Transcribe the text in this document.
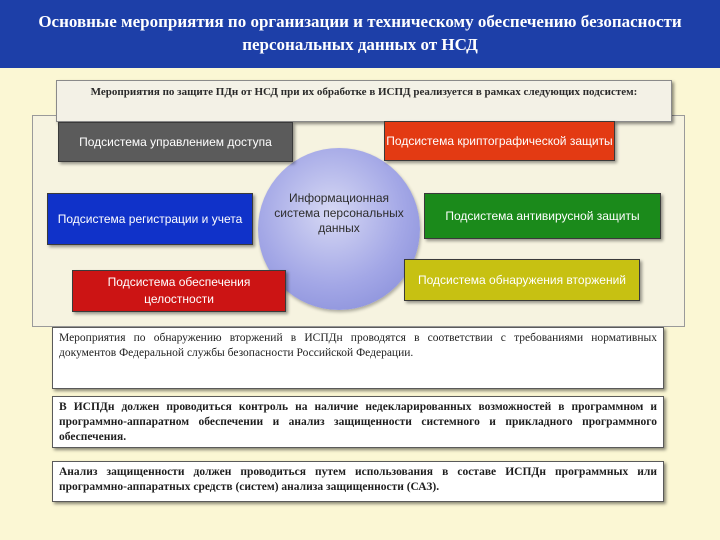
Основные мероприятия по организации и техническому обеспечению безопасности персональных данных от НСД
Мероприятия по защите ПДн от НСД при их обработке в ИСПД реализуется в рамках следующих подсистем:
Информационная система персональных данных
Подсистема управлением доступа	Подсистема криптографической защиты
Подсистема регистрации и учета	Подсистема антивирусной защиты
Подсистема обеспечения целостности
Подсистема обнаружения вторжений
Мероприятия по обнаружению вторжений в ИСПДн проводятся в соответствии с требованиями нормативных документов Федеральной службы безопасности Российской Федерации.
В ИСПДн должен проводиться контроль на наличие недекларированных возможностей в программном и программно-аппаратном обеспечении и анализ защищенности системного и прикладного программного обеспечения.
Анализ защищенности должен проводиться путем использования в составе ИСПДн программных или программно-аппаратных средств (систем) анализа защищенности (САЗ).
